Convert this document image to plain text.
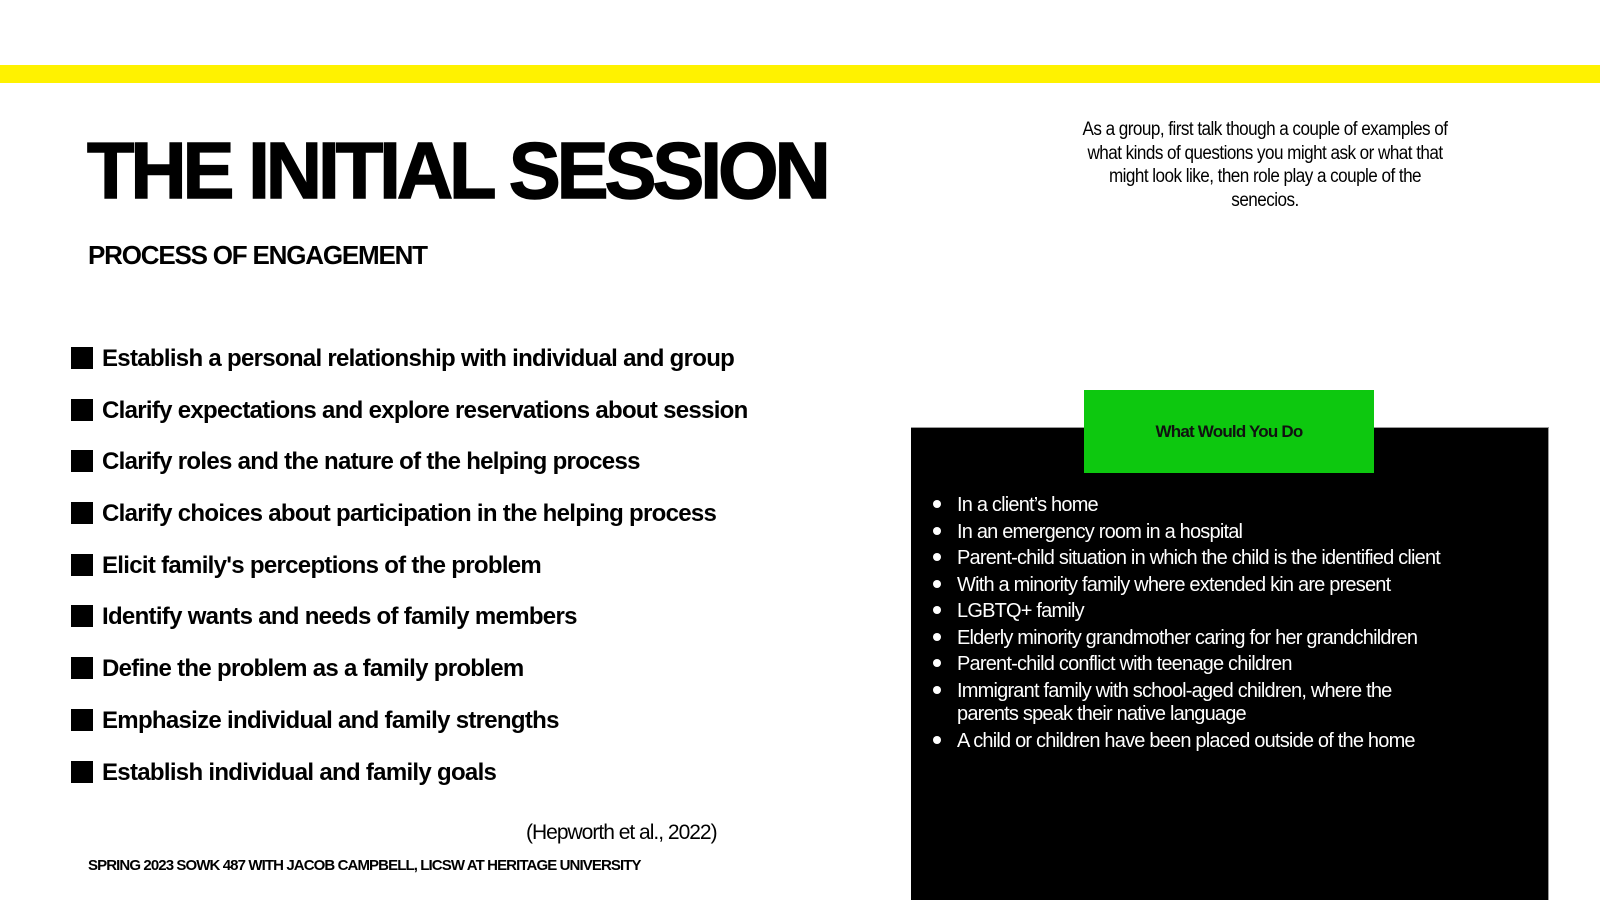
THE INITIAL SESSION
PROCESS OF ENGAGEMENT
As a group, first talk though a couple of examples of what kinds of questions you might ask or what that might look like, then role play a couple of the senecios.
Establish a personal relationship with individual and group
Clarify expectations and explore reservations about session
Clarify roles and the nature of the helping process
Clarify choices about participation in the helping process
Elicit family's perceptions of the problem
Identify wants and needs of family members
Define the problem as a family problem
Emphasize individual and family strengths
Establish individual and family goals
(Hepworth et al., 2022)
SPRING 2023 SOWK 487 WITH JACOB CAMPBELL, LICSW AT HERITAGE UNIVERSITY
What Would You Do
In a client’s home
In an emergency room in a hospital
Parent-child situation in which the child is the identified client
With a minority family where extended kin are present
LGBTQ+ family
Elderly minority grandmother caring for her grandchildren
Parent-child conflict with teenage children
Immigrant family with school-aged children, where the parents speak their native language
A child or children have been placed outside of the home
